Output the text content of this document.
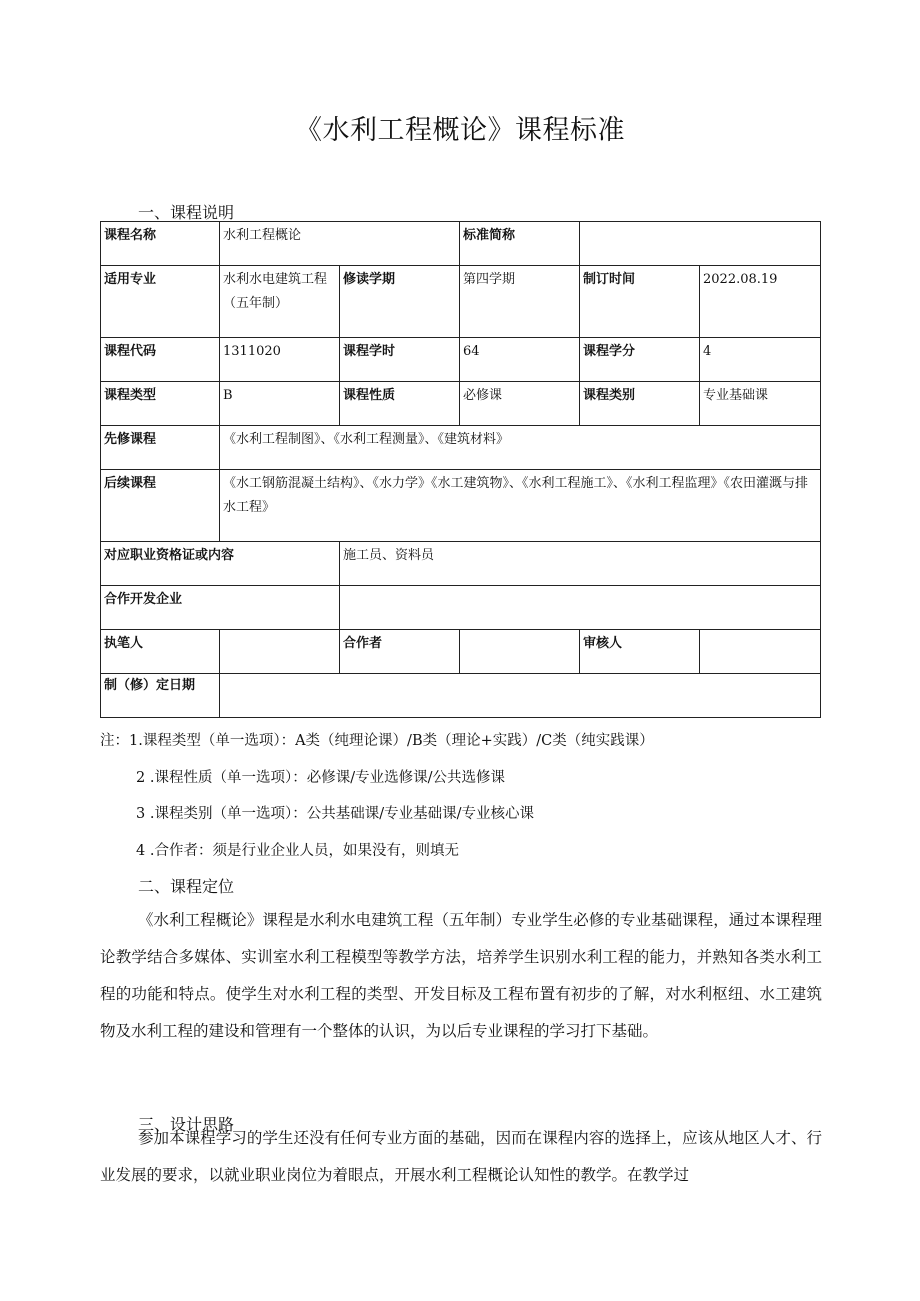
《水利工程概论》课程标准
一、课程说明
课程名称	水利工程概论		标准简称		
适用专业	水利水电建筑工程（五年制）	修读学期	第四学期	制订时间	2022.08.19
课程代码	1311020	课程学时	64	课程学分	4
课程类型	B	课程性质	必修课	课程类别	专业基础课
先修课程	《水利工程制图》、《水利工程测量》、《建筑材料》				
后续课程	《水工钢筋混凝土结构》、《水力学》《水工建筑物》、《水利工程施工》、《水利工程监理》《农田灌溉与排水工程》				
对应职业资格证或内容		施工员、资料员			
合作开发企业					
执笔人		合作者		审核人	
制（修）定日期					
注：1.课程类型（单一选项）：A类（纯理论课）/B类（理论+实践）/C类（纯实践课）
2 .课程性质（单一选项）：必修课/专业选修课/公共选修课
3 .课程类别（单一选项）：公共基础课/专业基础课/专业核心课
4 .合作者：须是行业企业人员，如果没有，则填无
二、课程定位

《水利工程概论》课程是水利水电建筑工程（五年制）专业学生必修的专业基础课程，通过本课程理论教学结合多媒体、实训室水利工程模型等教学方法，培养学生识别水利工程的能力，并熟知各类水利工程的功能和特点。使学生对水利工程的类型、开发目标及工程布置有初步的了解，对水利枢纽、水工建筑物及水利工程的建设和管理有一个整体的认识，为以后专业课程的学习打下基础。

三、设计思路

参加本课程学习的学生还没有任何专业方面的基础，因而在课程内容的选择上，应该从地区人才、行业发展的要求，以就业职业岗位为着眼点，开展水利工程概论认知性的教学。在教学过
